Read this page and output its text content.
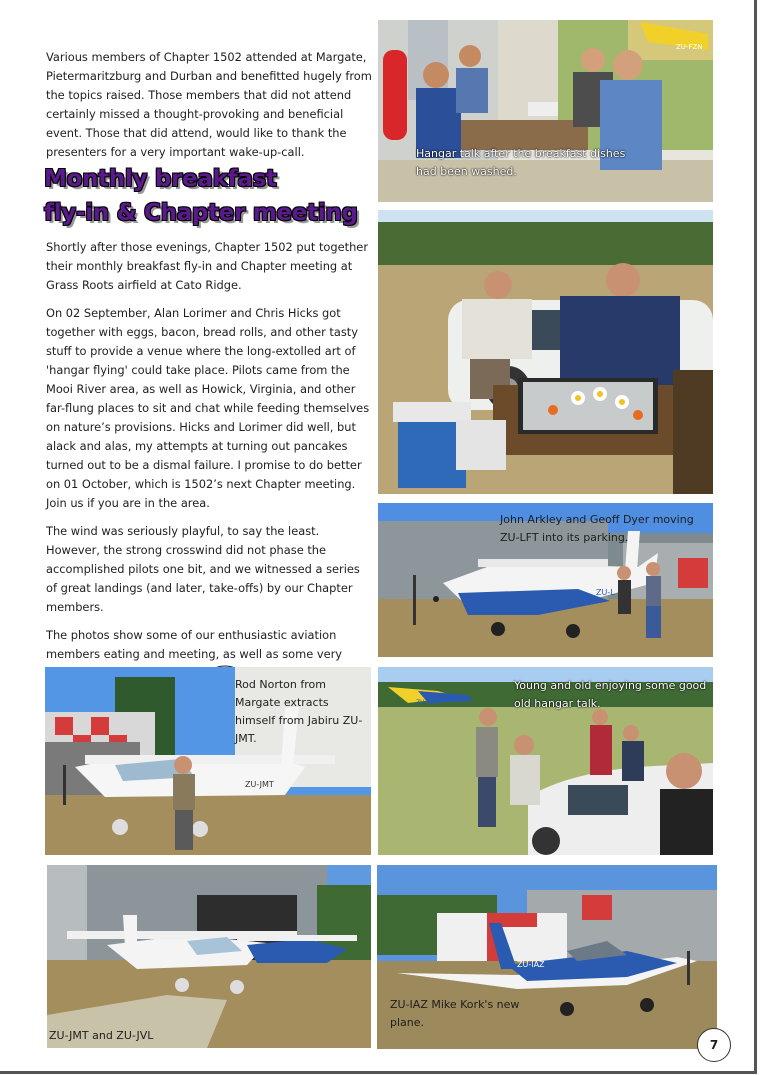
Various members of Chapter 1502 attended at Margate, Pietermaritzburg and Durban and benefitted hugely from the topics raised. Those members that did not attend certainly missed a thought-provoking and beneficial event. Those that did attend, would like to thank the presenters for a very important wake-up-call.

Monthly breakfast
fly-in & Chapter meeting

Shortly after those evenings, Chapter 1502 put together their monthly breakfast fly-in and Chapter meeting at Grass Roots airfield at Cato Ridge.

On 02 September, Alan Lorimer and Chris Hicks got together with eggs, bacon, bread rolls, and other tasty stuff to provide a venue where the long-extolled art of 'hangar flying' could take place. Pilots came from the Mooi River area, as well as Howick, Virginia, and other far-flung places to sit and chat while feeding themselves on nature’s provisions. Hicks and Lorimer did well, but alack and alas, my attempts at turning out pancakes turned out to be a dismal failure. I promise to do better on 01 October, which is 1502’s next Chapter meeting. Join us if you are in the area.

The wind was seriously playful, to say the least. However, the strong crosswind did not phase the accomplished pilots one bit, and we witnessed a series of great landings (and later, take-offs) by our Chapter members.

The photos show some of our enthusiastic aviation members eating and meeting, as well as some very

ZU-FZN
Hangar talk after the breakfast dishes had been washed.
ZU-L
John Arkley and Geoff Dyer moving ZU-LFT into its parking.
ZU-JMT
Rod Norton from Margate extracts himself from Jabiru ZU-JMT.
ZU-FZN
Young and old enjoying some good old hangar talk.
ZU-JMT and ZU-JVL
ZU-IAZ
ZU-IAZ Mike Kork's new plane.
7
